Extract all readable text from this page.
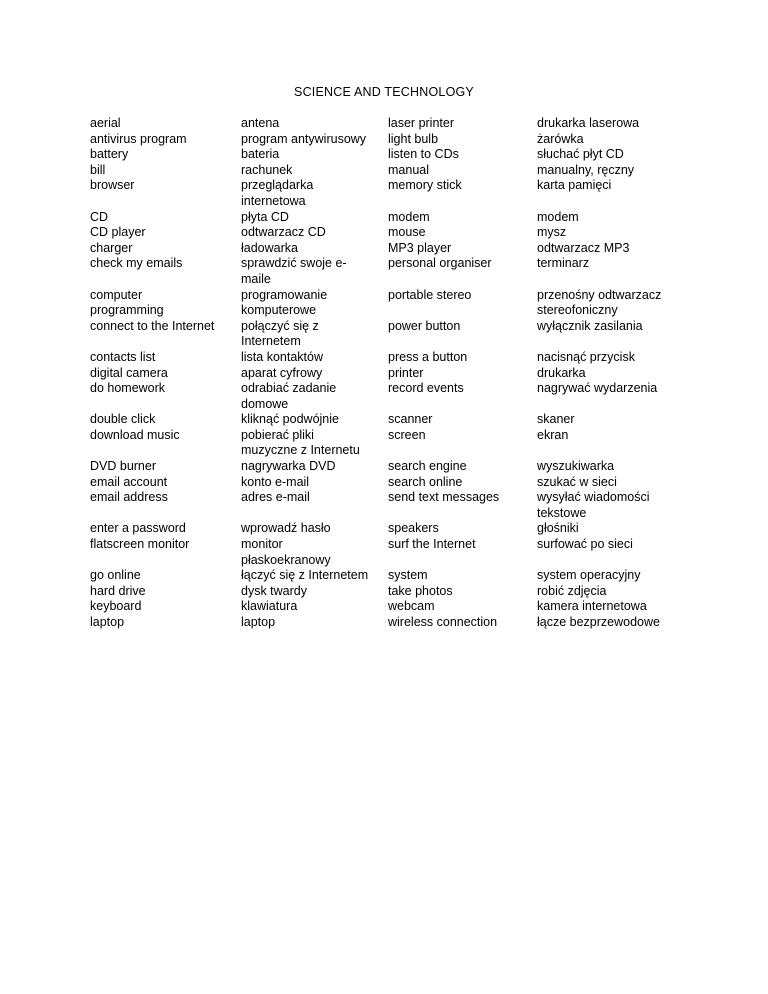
SCIENCE AND TECHNOLOGY
aerial
antivirus program
battery
bill
browser
CD
CD player
charger
check my emails
computer
programming
connect to the Internet
contacts list
digital camera
do homework
double click
download music
DVD burner
email account
email address
enter a password
flatscreen monitor
go online
hard drive
keyboard
laptop
antena
program antywirusowy
bateria
rachunek
przeglądarka
internetowa
płyta CD
odtwarzacz CD
ładowarka
sprawdzić swoje e-
maile
programowanie
komputerowe
połączyć się z
Internetem
lista kontaktów
aparat cyfrowy
odrabiać zadanie
domowe
kliknąć podwójnie
pobierać pliki
muzyczne z Internetu
nagrywarka DVD
konto e-mail
adres e-mail
wprowadź hasło
monitor
płaskoekranowy
łączyć się z Internetem
dysk twardy
klawiatura
laptop
laser printer
light bulb
listen to CDs
manual
memory stick
modem
mouse
MP3 player
personal organiser
portable stereo
power button
press a button
printer
record events
scanner
screen
search engine
search online
send text messages
speakers
surf the Internet
system
take photos
webcam
wireless connection
drukarka laserowa
żarówka
słuchać płyt CD
manualny, ręczny
karta pamięci
modem
mysz
odtwarzacz MP3
terminarz
przenośny odtwarzacz
stereofoniczny
wyłącznik zasilania
nacisnąć przycisk
drukarka
nagrywać wydarzenia
skaner
ekran
wyszukiwarka
szukać w sieci
wysyłać wiadomości
tekstowe
głośniki
surfować po sieci
system operacyjny
robić zdjęcia
kamera internetowa
łącze bezprzewodowe
